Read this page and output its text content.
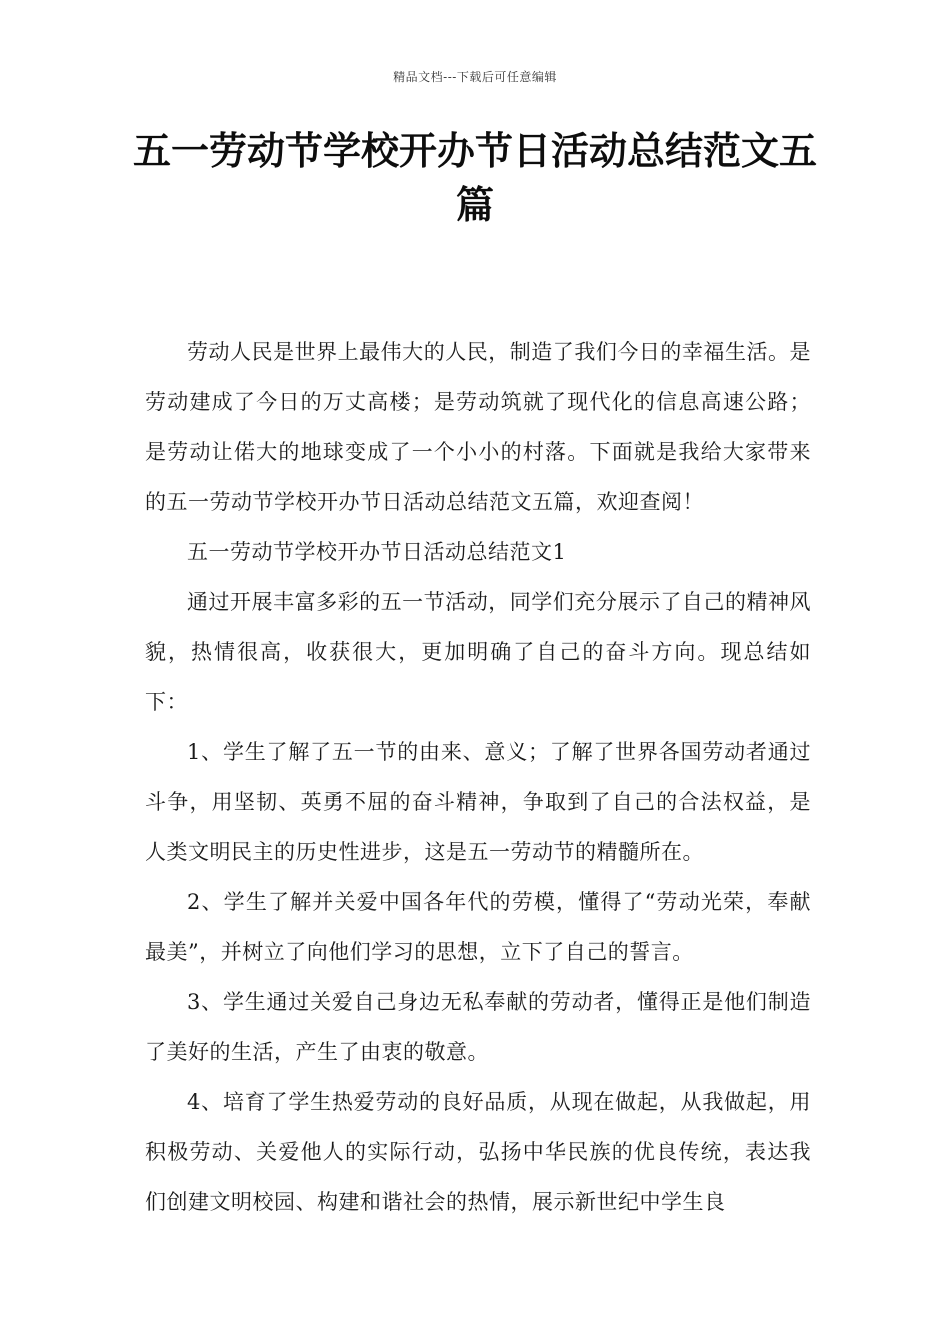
精品文档---下载后可任意编辑
五一劳动节学校开办节日活动总结范文五篇

劳动人民是世界上最伟大的人民，制造了我们今日的幸福生活。是劳动建成了今日的万丈高楼；是劳动筑就了现代化的信息高速公路；是劳动让偌大的地球变成了一个小小的村落。下面就是我给大家带来的五一劳动节学校开办节日活动总结范文五篇，欢迎查阅！

五一劳动节学校开办节日活动总结范文1

通过开展丰富多彩的五一节活动，同学们充分展示了自己的精神风貌，热情很高，收获很大，更加明确了自己的奋斗方向。现总结如下：

1、学生了解了五一节的由来、意义；了解了世界各国劳动者通过斗争，用坚韧、英勇不屈的奋斗精神，争取到了自己的合法权益，是人类文明民主的历史性进步，这是五一劳动节的精髓所在。

2、学生了解并关爱中国各年代的劳模，懂得了“劳动光荣，奉献最美”，并树立了向他们学习的思想，立下了自己的誓言。

3、学生通过关爱自己身边无私奉献的劳动者，懂得正是他们制造了美好的生活，产生了由衷的敬意。

4、培育了学生热爱劳动的良好品质，从现在做起，从我做起，用积极劳动、关爱他人的实际行动，弘扬中华民族的优良传统，表达我们创建文明校园、构建和谐社会的热情，展示新世纪中学生良
